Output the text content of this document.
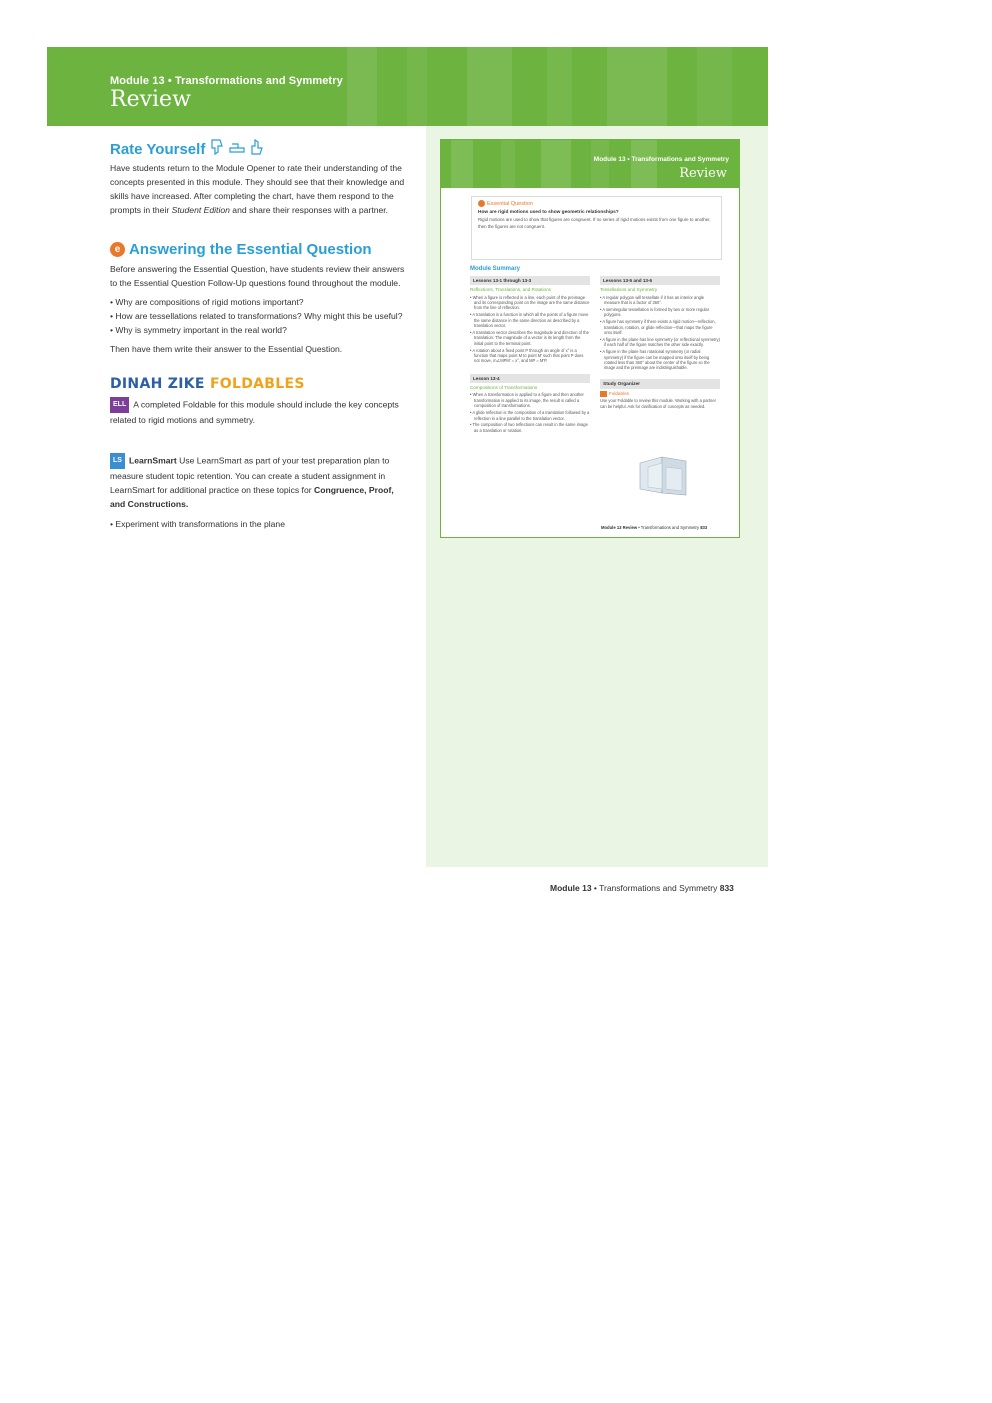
Module 13 • Transformations and Symmetry
Review
Rate Yourself

Have students return to the Module Opener to rate their understanding of the concepts presented in this module. They should see that their knowledge and skills have increased. After completing the chart, have them respond to the prompts in their Student Edition and share their responses with a partner.

e Answering the Essential Question

Before answering the Essential Question, have students review their answers to the Essential Question Follow-Up questions found throughout the module.

• Why are compositions of rigid motions important?

• How are tessellations related to transformations? Why might this be useful?

• Why is symmetry important in the real world?

Then have them write their answer to the Essential Question.

DINAH ZIKE FOLDABLES

ELL A completed Foldable for this module should include the key concepts related to rigid motions and symmetry.

LS LearnSmart Use LearnSmart as part of your test preparation plan to measure student topic retention. You can create a student assignment in LearnSmart for additional practice on these topics for Congruence, Proof, and Constructions.

• Experiment with transformations in the plane

Module 13 • Transformations and Symmetry
Review
Essential Question
How are rigid motions used to show geometric relationships?
Rigid motions are used to show that figures are congruent. If no series of rigid motions exists from one figure to another, then the figures are not congruent.
Module Summary
Lessons 13-1 through 13-3
Reflections, Translations, and Rotations
• When a figure is reflected in a line, each point of the preimage and its corresponding point on the image are the same distance from the line of reflection.
• A translation is a function in which all the points of a figure move the same distance in the same direction as described by a translation vector.
• A translation vector describes the magnitude and direction of the translation. The magnitude of a vector is its length from the initial point to the terminal point.
• A rotation about a fixed point P through an angle of x° is a function that maps point M to point M' such that point P does not move, m∠MPM' = x°, and MP = M'P.
Lesson 13-4
Compositions of Transformations
• When a transformation is applied to a figure and then another transformation is applied to its image, the result is called a composition of transformations.
• A glide reflection is the composition of a translation followed by a reflection in a line parallel to the translation vector.
• The composition of two reflections can result in the same image as a translation or rotation.
Lessons 13-5 and 13-6
Tessellations and Symmetry
• A regular polygon will tessellate if it has an interior angle measure that is a factor of 360°.
• A semiregular tessellation is formed by two or more regular polygons.
• A figure has symmetry if there exists a rigid motion—reflection, translation, rotation, or glide reflection—that maps the figure onto itself.
• A figure in the plane has line symmetry (or reflectional symmetry) if each half of the figure matches the other side exactly.
• A figure in the plane has rotational symmetry (or radial symmetry) if the figure can be mapped onto itself by being rotated less than 360° about the center of the figure so the image and the preimage are indistinguishable.
Study Organizer
Foldables
Use your Foldable to review this module. Working with a partner can be helpful. Ask for clarification of concepts as needed.
Module 13 Review • Transformations and Symmetry 833
Module 13 • Transformations and Symmetry 833
